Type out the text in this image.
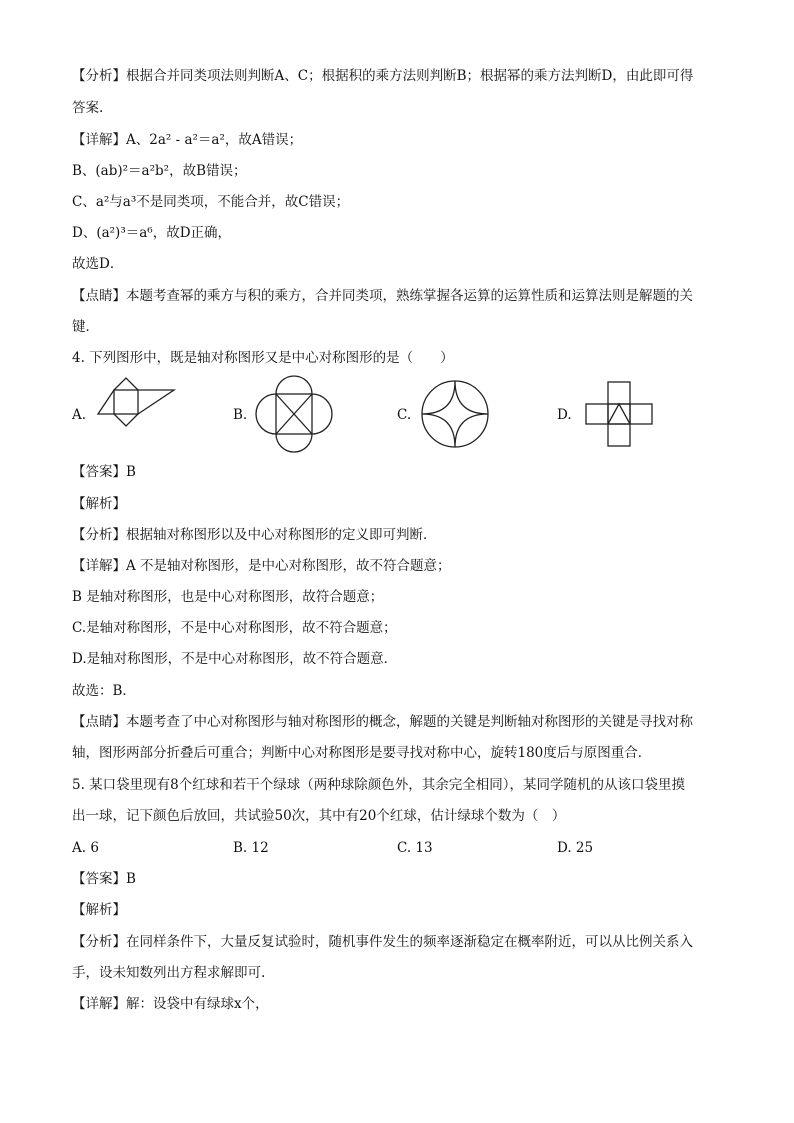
【分析】根据合并同类项法则判断A、C；根据积的乘方法则判断B；根据幂的乘方法判断D，由此即可得
答案.
【详解】A、2a² - a²＝a²，故A错误；
B、(ab)²＝a²b²，故B错误；
C、a²与a³不是同类项，不能合并，故C错误；
D、(a²)³＝a⁶，故D正确，
故选D．
【点睛】本题考查幂的乘方与积的乘方，合并同类项，熟练掌握各运算的运算性质和运算法则是解题的关
键．
4. 下列图形中，既是轴对称图形又是中心对称图形的是（　　）
A.	B.	C.	D.
【答案】B
【解析】
【分析】根据轴对称图形以及中心对称图形的定义即可判断．
【详解】A 不是轴对称图形，是中心对称图形，故不符合题意；
B 是轴对称图形，也是中心对称图形，故符合题意；
C.是轴对称图形，不是中心对称图形，故不符合题意；
D.是轴对称图形，不是中心对称图形，故不符合题意．
故选：B．
【点睛】本题考查了中心对称图形与轴对称图形的概念，解题的关键是判断轴对称图形的关键是寻找对称
轴，图形两部分折叠后可重合；判断中心对称图形是要寻找对称中心，旋转180度后与原图重合．
5. 某口袋里现有8个红球和若干个绿球（两种球除颜色外，其余完全相同），某同学随机的从该口袋里摸
出一球，记下颜色后放回，共试验50次，其中有20个红球，估计绿球个数为（　）
A. 6	B. 12	C. 13	D. 25
【答案】B
【解析】
【分析】在同样条件下，大量反复试验时，随机事件发生的频率逐渐稳定在概率附近，可以从比例关系入
手，设未知数列出方程求解即可.
【详解】解：设袋中有绿球x个，
